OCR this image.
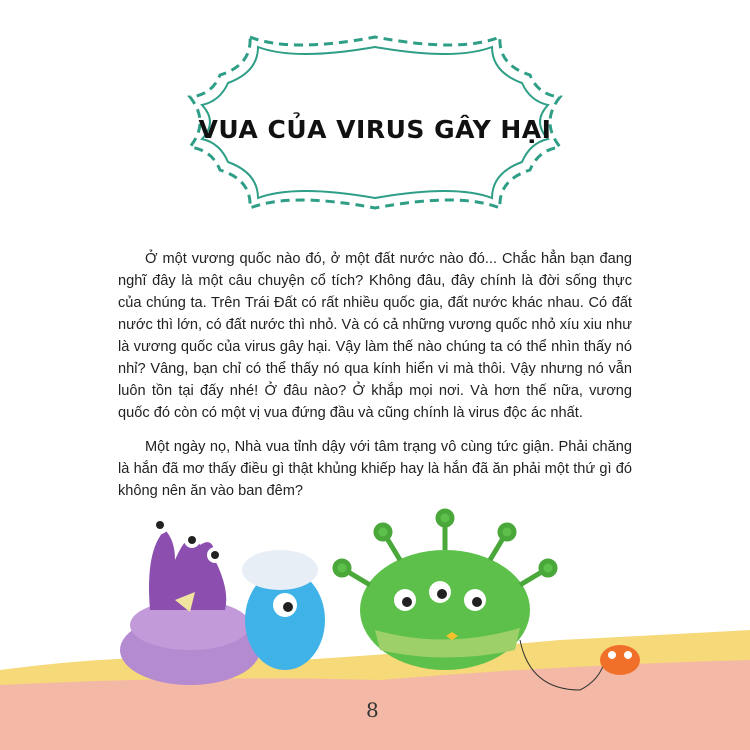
VUA CỦA VIRUS GÂY HẠI

Ở một vương quốc nào đó, ở một đất nước nào đó... Chắc hẳn bạn đang nghĩ đây là một câu chuyện cổ tích? Không đâu, đây chính là đời sống thực của chúng ta. Trên Trái Đất có rất nhiều quốc gia, đất nước khác nhau. Có đất nước thì lớn, có đất nước thì nhỏ. Và có cả những vương quốc nhỏ xíu xiu như là vương quốc của virus gây hại. Vậy làm thế nào chúng ta có thể nhìn thấy nó nhỉ? Vâng, bạn chỉ có thể thấy nó qua kính hiển vi mà thôi. Vậy nhưng nó vẫn luôn tồn tại đấy nhé! Ở đâu nào? Ở khắp mọi nơi. Và hơn thế nữa, vương quốc đó còn có một vị vua đứng đầu và cũng chính là virus độc ác nhất.

Một ngày nọ, Nhà vua tỉnh dậy với tâm trạng vô cùng tức giận. Phải chăng là hắn đã mơ thấy điều gì thật khủng khiếp hay là hắn đã ăn phải một thứ gì đó không nên ăn vào ban đêm?

8
